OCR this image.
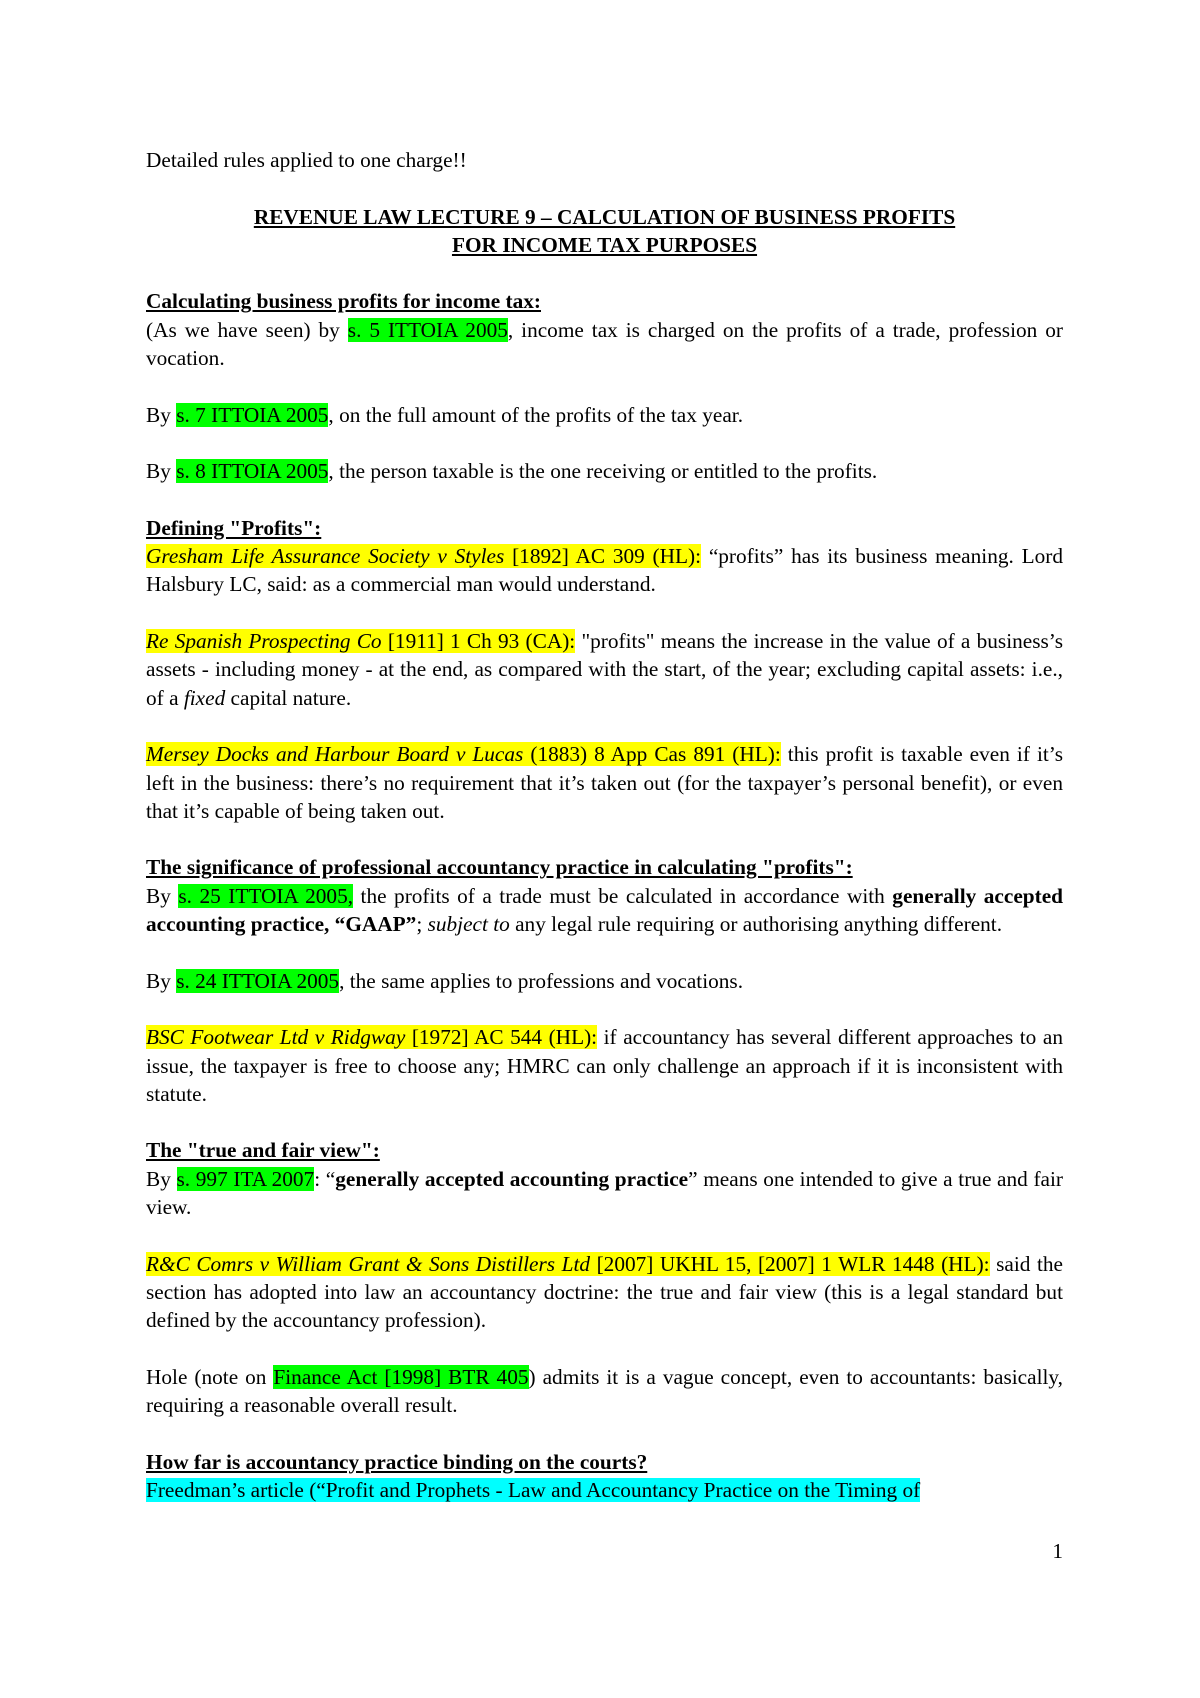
Detailed rules applied to one charge!!

REVENUE LAW LECTURE 9 – CALCULATION OF BUSINESS PROFITS

FOR INCOME TAX PURPOSES

Calculating business profits for income tax:

(As we have seen) by s. 5 ITTOIA 2005, income tax is charged on the profits of a trade, profession or vocation.

By s. 7 ITTOIA 2005, on the full amount of the profits of the tax year.

By s. 8 ITTOIA 2005, the person taxable is the one receiving or entitled to the profits.

Defining "Profits":

Gresham Life Assurance Society v Styles [1892] AC 309 (HL): “profits” has its business meaning. Lord Halsbury LC, said: as a commercial man would understand.

Re Spanish Prospecting Co [1911] 1 Ch 93 (CA): "profits" means the increase in the value of a business’s assets - including money - at the end, as compared with the start, of the year; excluding capital assets: i.e., of a fixed capital nature.

Mersey Docks and Harbour Board v Lucas (1883) 8 App Cas 891 (HL): this profit is taxable even if it’s left in the business: there’s no requirement that it’s taken out (for the taxpayer’s personal benefit), or even that it’s capable of being taken out.

The significance of professional accountancy practice in calculating "profits":

By s. 25 ITTOIA 2005, the profits of a trade must be calculated in accordance with generally accepted accounting practice, “GAAP”; subject to any legal rule requiring or authorising anything different.

By s. 24 ITTOIA 2005, the same applies to professions and vocations.

BSC Footwear Ltd v Ridgway [1972] AC 544 (HL): if accountancy has several different approaches to an issue, the taxpayer is free to choose any; HMRC can only challenge an approach if it is inconsistent with statute.

The "true and fair view":

By s. 997 ITA 2007: “generally accepted accounting practice” means one intended to give a true and fair view.

R&C Comrs v William Grant & Sons Distillers Ltd [2007] UKHL 15, [2007] 1 WLR 1448 (HL): said the section has adopted into law an accountancy doctrine: the true and fair view (this is a legal standard but defined by the accountancy profession).

Hole (note on Finance Act [1998] BTR 405) admits it is a vague concept, even to accountants: basically, requiring a reasonable overall result.

How far is accountancy practice binding on the courts?

Freedman’s article (“Profit and Prophets - Law and Accountancy Practice on the Timing of

1
